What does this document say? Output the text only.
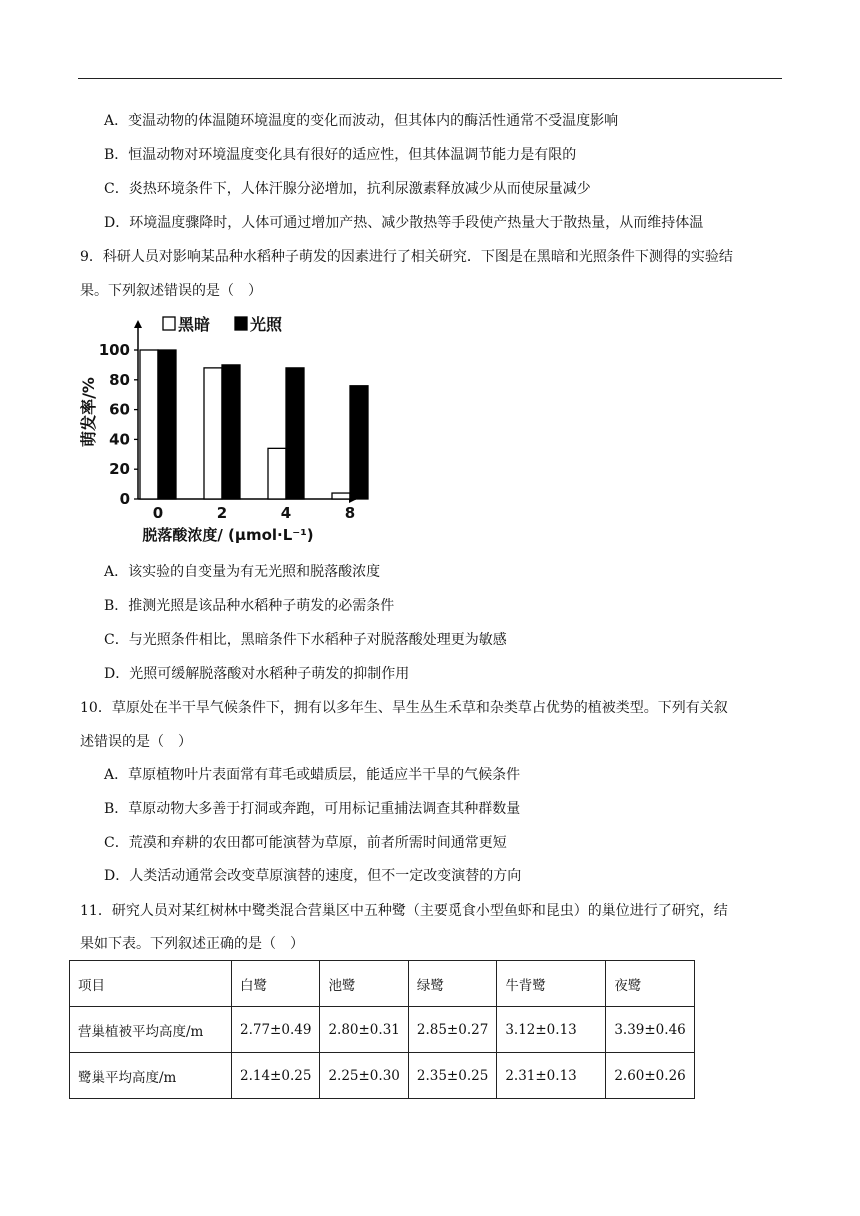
A．变温动物的体温随环境温度的变化而波动，但其体内的酶活性通常不受温度影响
B．恒温动物对环境温度变化具有很好的适应性，但其体温调节能力是有限的
C．炎热环境条件下，人体汗腺分泌增加，抗利尿激素释放减少从而使尿量减少
D．环境温度骤降时，人体可通过增加产热、减少散热等手段使产热量大于散热量，从而维持体温
9．科研人员对影响某品种水稻种子萌发的因素进行了相关研究．下图是在黑暗和光照条件下测得的实验结
果。下列叙述错误的是（　）
黑暗 光照
0
20
40
60
80
100
0	2	4	8
萌发率/%
脱落酸浓度/ (μmol·L⁻¹)
A．该实验的自变量为有无光照和脱落酸浓度
B．推测光照是该品种水稻种子萌发的必需条件
C．与光照条件相比，黑暗条件下水稻种子对脱落酸处理更为敏感
D．光照可缓解脱落酸对水稻种子萌发的抑制作用
10．草原处在半干旱气候条件下，拥有以多年生、旱生丛生禾草和杂类草占优势的植被类型。下列有关叙
述错误的是（　）
A．草原植物叶片表面常有茸毛或蜡质层，能适应半干旱的气候条件
B．草原动物大多善于打洞或奔跑，可用标记重捕法调查其种群数量
C．荒漠和弃耕的农田都可能演替为草原，前者所需时间通常更短
D．人类活动通常会改变草原演替的速度，但不一定改变演替的方向
11．研究人员对某红树林中鹭类混合营巢区中五种鹭（主要觅食小型鱼虾和昆虫）的巢位进行了研究，结
果如下表。下列叙述正确的是（　）
项目	白鹭	池鹭	绿鹭	牛背鹭	夜鹭
营巢植被平均高度/m	2.77±0.49	2.80±0.31	2.85±0.27	3.12±0.13	3.39±0.46
鹭巢平均高度/m	2.14±0.25	2.25±0.30	2.35±0.25	2.31±0.13	2.60±0.26
